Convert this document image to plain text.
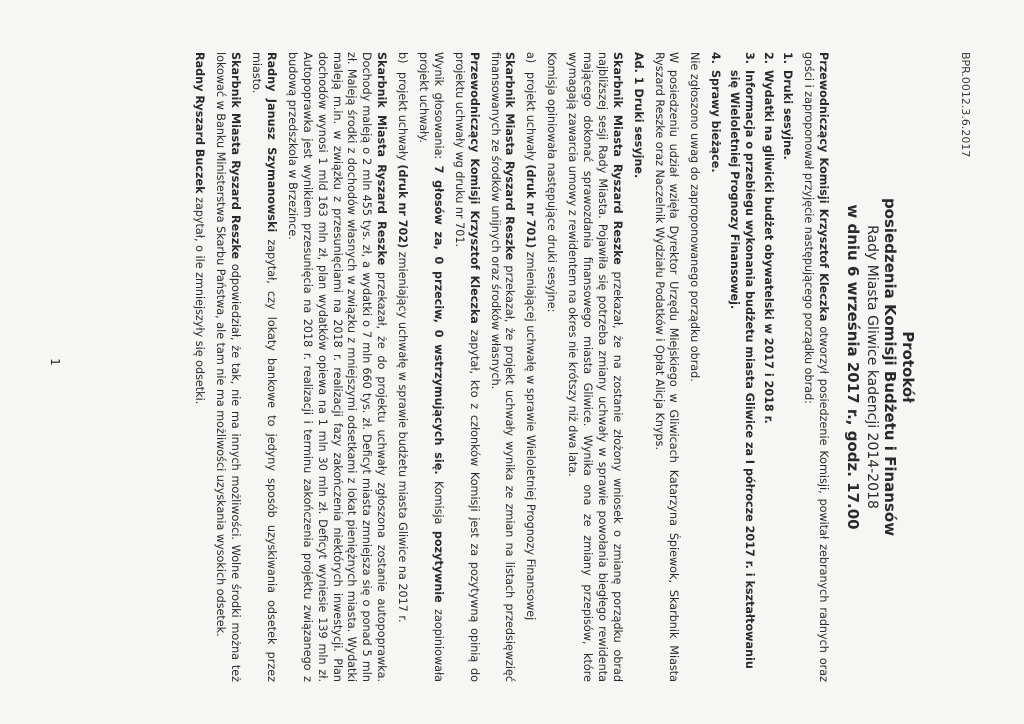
BPR.0012.3.6.2017
Protokół
posiedzenia Komisji Budżetu i Finansów
Rady Miasta Gliwice kadencji 2014-2018
w dniu 6 września 2017 r., godz. 17.00

Przewodniczący Komisji Krzysztof Kleczka otworzył posiedzenie Komisji, powitał zebranych radnych oraz gości i zaproponował przyjęcie następującego porządku obrad:

1.
Druki sesyjne.
2.
Wydatki na gliwicki budżet obywatelski w 2017 i 2018 r.
3.
Informacja o przebiegu wykonania budżetu miasta Gliwice za I półrocze 2017 r. i kształtowaniu się Wieloletniej Prognozy Finansowej.
4.
Sprawy bieżące.

Nie zgłoszono uwag do zaproponowanego porządku obrad.

W posiedzeniu udział wzięła Dyrektor Urzędu Miejskiego w Gliwicach Katarzyna Śpiewok, Skarbnik Miasta Ryszard Reszke oraz Naczelnik Wydziału Podatków i Opłat Alicja Knyps.

Ad. 1 Druki sesyjne.

Skarbnik Miasta Ryszard Reszke przekazał, że na zostanie złożony wniosek o zmianę porządku obrad najbliższej sesji Rady Miasta. Pojawiła się potrzeba zmiany uchwały w sprawie powołania biegłego rewidenta mającego dokonać sprawozdania finansowego miasta Gliwice. Wynika ona ze zmiany przepisów, które wymagają zawarcia umowy z rewidentem na okres nie krótszy niż dwa lata.

Komisja opiniowała następujące druki sesyjne:

a)

projekt uchwały (druk nr 701) zmieniającej uchwałę w sprawie Wieloletniej Prognozy Finansowej

Skarbnik Miasta Ryszard Reszke przekazał, że projekt uchwały wynika ze zmian na listach przedsięwzięć finansowanych ze środków unijnych oraz środków własnych.

Przewodniczący Komisji Krzysztof Kleczka zapytał, kto z członków Komisji jest za pozytywną opinią do projektu uchwały wg druku nr 701.

Wynik głosowania: 7 głosów za, 0 przeciw, 0 wstrzymujących się. Komisja pozytywnie zaopiniowała projekt uchwały.

b)

projekt uchwały (druk nr 702) zmieniający uchwałę w sprawie budżetu miasta Gliwice na 2017 r.

Skarbnik Miasta Ryszard Reszke przekazał, że do projektu uchwały zgłoszona zostanie autopoprawka. Dochody maleją o 2 mln 455 tys. zł, a wydatki o 7 mln 660 tys. zł. Deficyt miasta zmniejsza się o ponad 5 mln zł. Maleją środki z dochodów własnych w związku z mniejszymi odsetkami z lokat pieniężnych miasta. Wydatki maleją m.in. w związku z przesunięciami na 2018 r. realizacji fazy zakończenia niektórych inwestycji. Plan dochodów wynosi 1 mld 163 mln zł, plan wydatków opiewa na 1 mln 30 mln zł. Deficyt wyniesie 139 mln zł. Autopoprawka jest wynikiem przesunięcia na 2018 r. realizacji i terminu zakończenia projektu związanego z budową przedszkola w Brzezince.

Radny Janusz Szymanowski zapytał, czy lokaty bankowe to jedyny sposób uzyskiwania odsetek przez miasto.

Skarbnik Miasta Ryszard Reszke odpowiedział, że tak, nie ma innych możliwości. Wolne środki można też lokować w Banku Ministerstwa Skarbu Państwa, ale tam nie ma możliwości uzyskania wysokich odsetek.

Radny Ryszard Buczek zapytał, o ile zmniejszyły się odsetki.

1
